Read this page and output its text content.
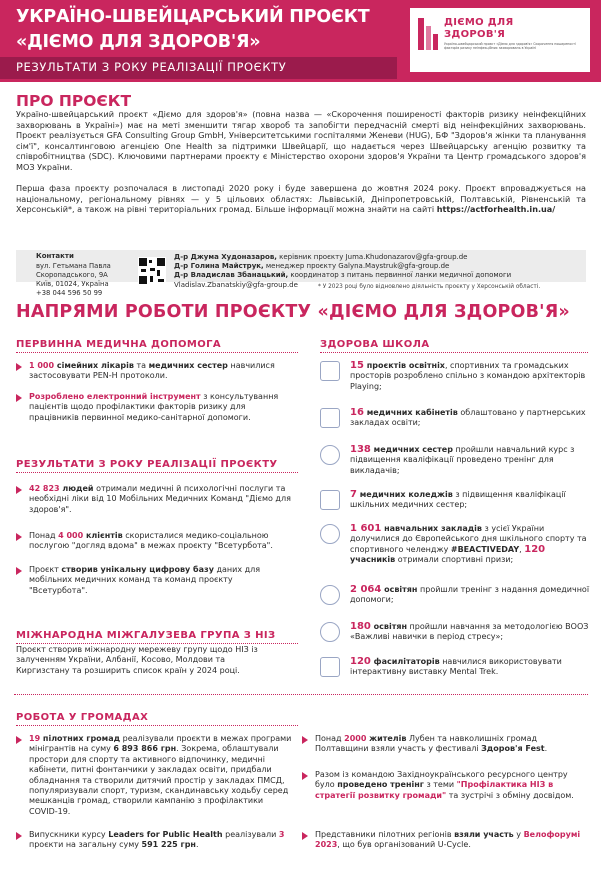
УКРАЇНО-ШВЕЙЦАРСЬКИЙ ПРОЄКТ
«ДІЄМО ДЛЯ ЗДОРОВ'Я»
РЕЗУЛЬТАТИ З РОКУ РЕАЛІЗАЦІЇ ПРОЄКТУ
ДІЄМО ДЛЯ
ЗДОРОВ'Я
Україно-швейцарський проєкт «Діємо для здоров'я» Скорочення поширеності факторів ризику неінфекційних захворювань в Україні
ПРО ПРОЄКТ
Україно-швейцарський проєкт «Діємо для здоров'я» (повна назва — «Скорочення поширеності факторів ризику неінфекційних захворювань в Україні») має на меті зменшити тягар хвороб та запобігти передчасній смерті від неінфекційних захворювань. Проєкт реалізується GFA Consulting Group GmbH, Університетськими госпіталями Женеви (HUG), БФ "Здоров'я жінки та планування сім'ї", консалтинговою агенцією One Health за підтримки Швейцарії, що надається через Швейцарську агенцію розвитку та співробітництва (SDC). Ключовими партнерами проєкту є Міністерство охорони здоров'я України та Центр громадського здоров'я МОЗ України.
Перша фаза проєкту розпочалася в листопаді 2020 року і буде завершена до жовтня 2024 року. Проєкт впроваджується на національному, регіональному рівнях — у 5 цільових областях: Львівській, Дніпропетровській, Полтавській, Рівненській та Херсонській*, а також на рівні територіальних громад. Більше інформації можна знайти на сайті https://actforhealth.in.ua/
Контакти
вул. Гетьмана Павла
Скоропадського, 9А
Київ, 01024, Україна
+38 044 596 50 99
Д-р Джума Худоназаров, керівник проєкту Juma.Khudonazarov@gfa-group.de
Д-р Голина Майструк, менеджер проєкту Galyna.Maystruk@gfa-group.de
Д-р Владислав Збанацький, координатор з питань первинної ланки медичної допомоги
Vladislav.Zbanatskiy@gfa-group.de	* У 2023 році було відновлено діяльність проєкту у Херсонській області.
НАПРЯМИ РОБОТИ ПРОЄКТУ «ДІЄМО ДЛЯ ЗДОРОВ'Я»
ПЕРВИННА МЕДИЧНА ДОПОМОГА
1 000 сімейних лікарів та медичних сестер навчилися застосовувати PEN-H протоколи.
Розроблено електронний інструмент з консультування пацієнтів щодо профілактики факторів ризику для працівників первинної медико-санітарної допомоги.
РЕЗУЛЬТАТИ З РОКУ РЕАЛІЗАЦІЇ ПРОЄКТУ
42 823 людей отримали медичні й психологічні послуги та необхідні ліки від 10 Мобільних Медичних Команд "Діємо для здоров'я".
Понад 4 000 клієнтів скористалися медико-соціальною послугою "догляд вдома" в межах проєкту "Всетурбота".
Проєкт створив унікальну цифрову базу даних для мобільних медичних команд та команд проєкту "Всетурбота".
МІЖНАРОДНА МІЖГАЛУЗЕВА ГРУПА З НІЗ
Проєкт створив міжнародну мережеву групу щодо НІЗ із залученням України, Албанії, Косово, Молдови та Киргизстану та розширить список країн у 2024 році.
ЗДОРОВА ШКОЛА
15 проєктів освітніх, спортивних та громадських просторів розроблено спільно з командою архітекторів Playing;
16 медичних кабінетів облаштовано у партнерських закладах освіти;
138 медичних сестер пройшли навчальний курс з підвищення кваліфікації проведено тренінг для викладачів;
7 медичних коледжів з підвищення кваліфікації шкільних медичних сестер;
1 601 навчальних закладів з усієї України долучилися до Європейського дня шкільного спорту та спортивного челенджу #BEACTIVEDAY, 120 учасників отримали спортивні призи;
2 064 освітян пройшли тренінг з надання домедичної допомоги;
180 освітян пройшли навчання за методологією ВООЗ «Важливі навички в період стресу»;
120 фасилітаторів навчилися використовувати інтерактивну виставку Mental Trek.
РОБОТА У ГРОМАДАХ
19 пілотних громад реалізували проєкти в межах програми мінігрантів на суму 6 893 866 грн. Зокрема, облаштували простори для спорту та активного відпочинку, медичні кабінети, питні фонтанчики у закладах освіти, придбали обладнання та створили дитячий простір у закладах ПМСД, популяризували спорт, туризм, скандинавську ходьбу серед мешканців громад, створили кампанію з профілактики COVID-19.
Випускники курсу Leaders for Public Health реалізували 3 проєкти на загальну суму 591 225 грн.
Понад 2000 жителів Лубен та навколишніх громад Полтавщини взяли участь у фестивалі Здоров'я Fest.
Разом із командою Західноукраїнського ресурсного центру було проведено тренінг з теми "Профілактика НІЗ в стратегії розвитку громади" та зустрічі з обміну досвідом.
Представники пілотних регіонів взяли участь у Велофорумі 2023, що був організований U-Cycle.
